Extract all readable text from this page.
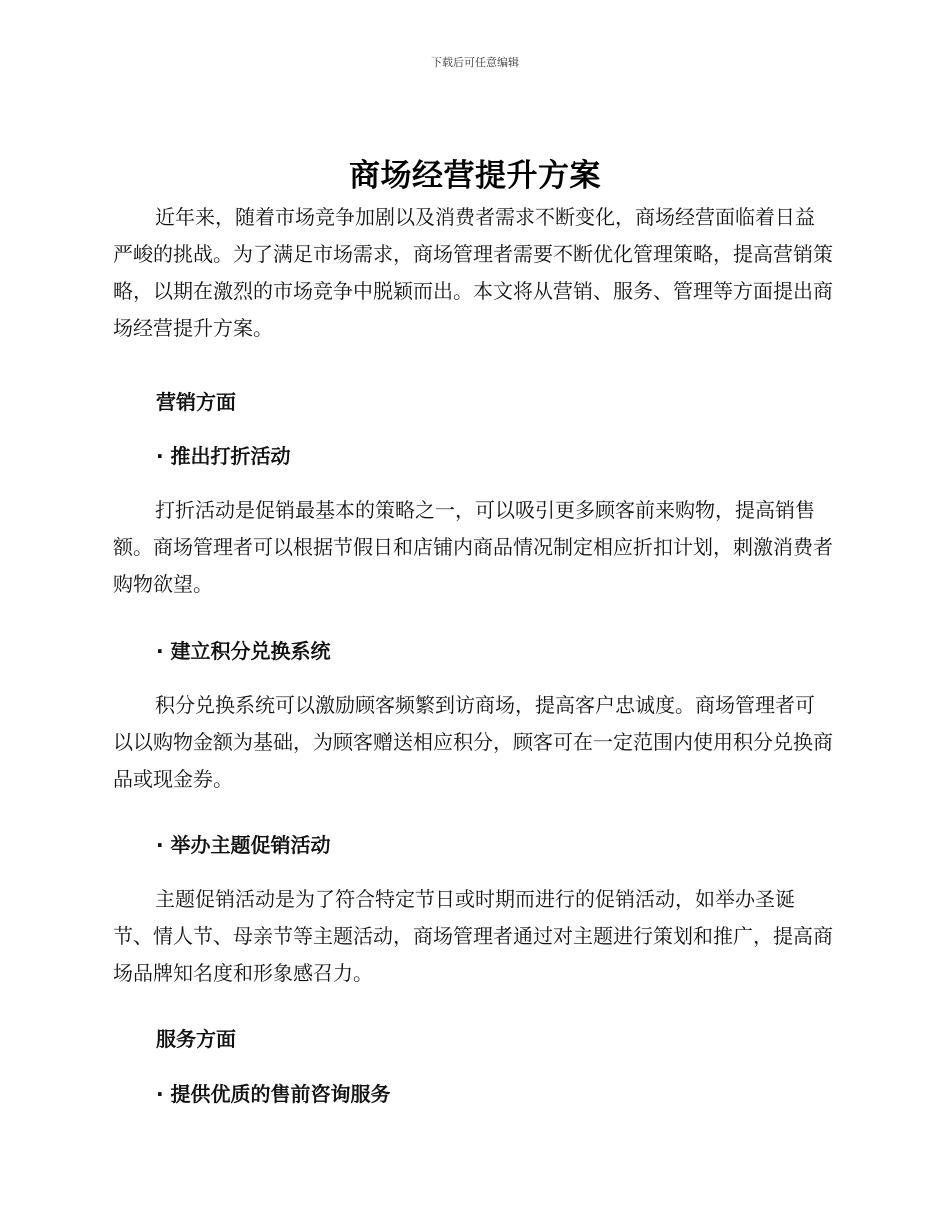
下载后可任意编辑
商场经营提升方案

近年来，随着市场竞争加剧以及消费者需求不断变化，商场经营面临着日益严峻的挑战。为了满足市场需求，商场管理者需要不断优化管理策略，提高营销策略，以期在激烈的市场竞争中脱颖而出。本文将从营销、服务、管理等方面提出商场经营提升方案。

营销方面
· 推出打折活动

打折活动是促销最基本的策略之一，可以吸引更多顾客前来购物，提高销售额。商场管理者可以根据节假日和店铺内商品情况制定相应折扣计划，刺激消费者购物欲望。

· 建立积分兑换系统

积分兑换系统可以激励顾客频繁到访商场，提高客户忠诚度。商场管理者可以以购物金额为基础，为顾客赠送相应积分，顾客可在一定范围内使用积分兑换商品或现金券。

· 举办主题促销活动

主题促销活动是为了符合特定节日或时期而进行的促销活动，如举办圣诞节、情人节、母亲节等主题活动，商场管理者通过对主题进行策划和推广，提高商场品牌知名度和形象感召力。

服务方面
· 提供优质的售前咨询服务
